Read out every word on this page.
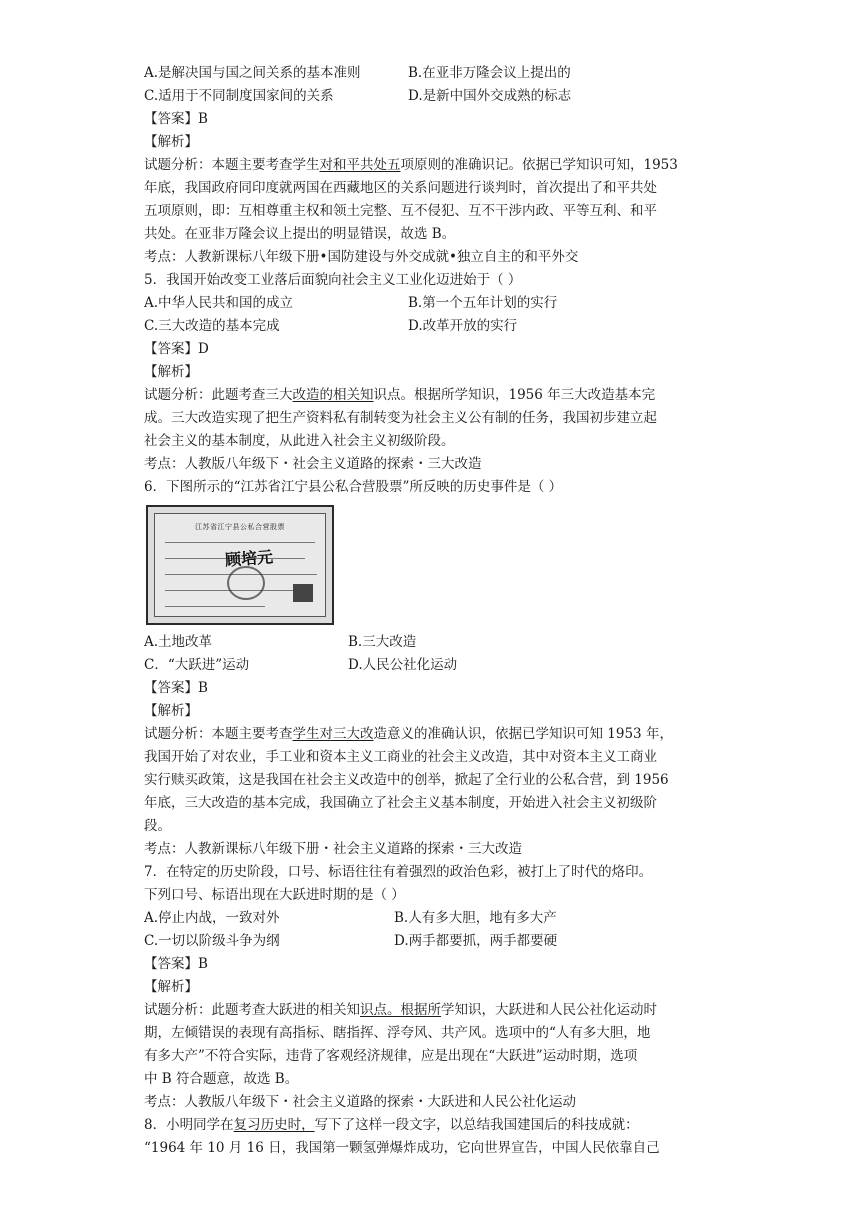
A.是解决国与国之间关系的基本准则	B.在亚非万隆会议上提出的
C.适用于不同制度国家间的关系	D.是新中国外交成熟的标志
【答案】B
【解析】
试题分析：本题主要考查学生对和平共处五项原则的准确识记。依据已学知识可知，1953
年底，我国政府同印度就两国在西藏地区的关系问题进行谈判时，首次提出了和平共处
五项原则，即：互相尊重主权和领土完整、互不侵犯、互不干涉内政、平等互利、和平
共处。在亚非万隆会议上提出的明显错误，故选 B。
考点：人教新课标八年级下册•国防建设与外交成就•独立自主的和平外交
5．我国开始改变工业落后面貌向社会主义工业化迈进始于（ ）
A.中华人民共和国的成立	B.第一个五年计划的实行
C.三大改造的基本完成	D.改革开放的实行
【答案】D
【解析】
试题分析：此题考查三大改造的相关知识点。根据所学知识，1956 年三大改造基本完
成。三大改造实现了把生产资料私有制转变为社会主义公有制的任务，我国初步建立起
社会主义的基本制度，从此进入社会主义初级阶段。
考点：人教版八年级下・社会主义道路的探索・三大改造
6．下图所示的“江苏省江宁县公私合营股票”所反映的历史事件是（ ）
江苏省江宁县公私合营股票
顾培元
A.土地改革	B.三大改造
C．“大跃进”运动	D.人民公社化运动
【答案】B
【解析】
试题分析：本题主要考查学生对三大改造意义的准确认识，依据已学知识可知 1953 年，
我国开始了对农业，手工业和资本主义工商业的社会主义改造，其中对资本主义工商业
实行赎买政策，这是我国在社会主义改造中的创举，掀起了全行业的公私合营，到 1956
年底，三大改造的基本完成，我国确立了社会主义基本制度，开始进入社会主义初级阶
段。
考点：人教新课标八年级下册・社会主义道路的探索・三大改造
7．在特定的历史阶段，口号、标语往往有着强烈的政治色彩，被打上了时代的烙印。
下列口号、标语出现在大跃进时期的是（ ）
A.停止内战，一致对外	B.人有多大胆，地有多大产
C.一切以阶级斗争为纲	D.两手都要抓，两手都要硬
【答案】B
【解析】
试题分析：此题考查大跃进的相关知识点。根据所学知识，大跃进和人民公社化运动时
期，左倾错误的表现有高指标、瞎指挥、浮夸风、共产风。选项中的“人有多大胆，地
有多大产”不符合实际，违背了客观经济规律，应是出现在“大跃进”运动时期，选项
中 B 符合题意，故选 B。
考点：人教版八年级下・社会主义道路的探索・大跃进和人民公社化运动
8．小明同学在复习历史时，写下了这样一段文字，以总结我国建国后的科技成就：
“1964 年 10 月 16 日，我国第一颗氢弹爆炸成功，它向世界宣告，中国人民依靠自己
